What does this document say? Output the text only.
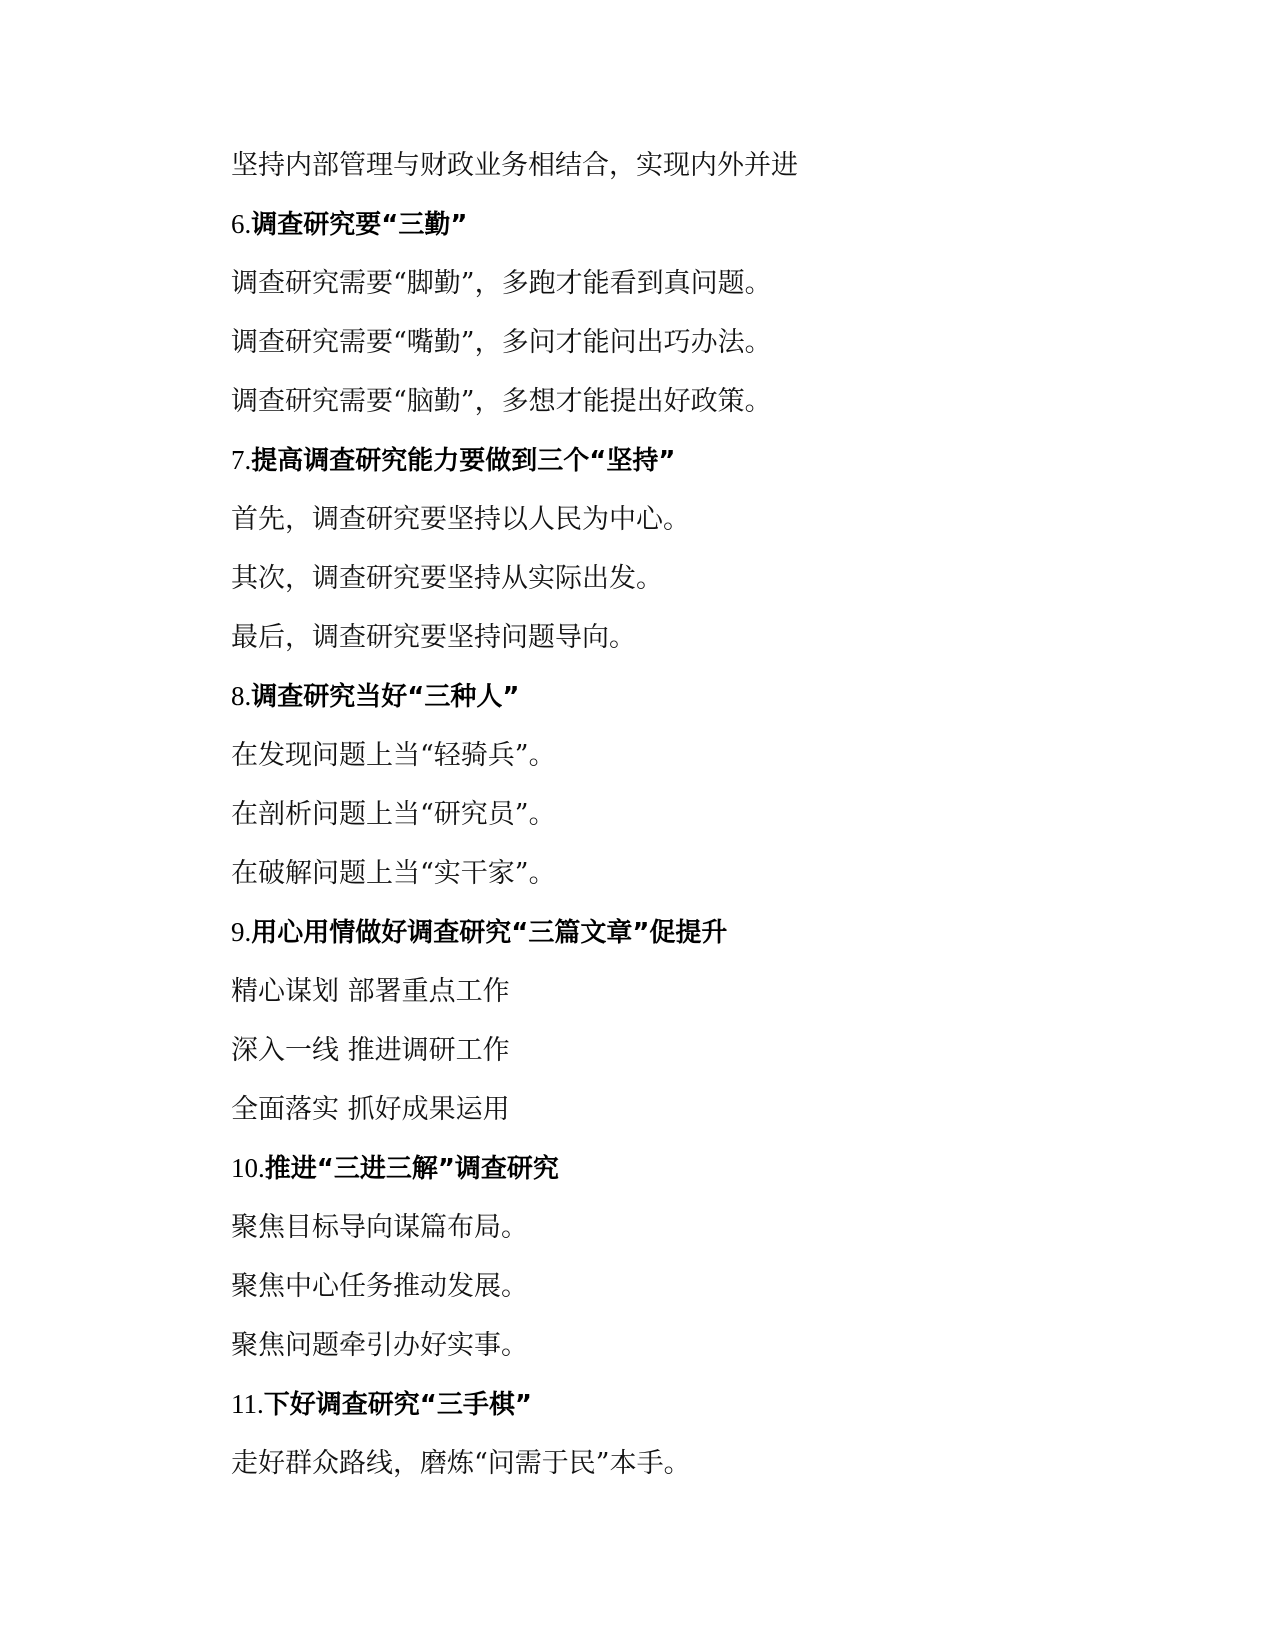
坚持内部管理与财政业务相结合，实现内外并进
6.调查研究要“三勤”
调查研究需要“脚勤”，多跑才能看到真问题。
调查研究需要“嘴勤”，多问才能问出巧办法。
调查研究需要“脑勤”，多想才能提出好政策。
7.提高调查研究能力要做到三个“坚持”
首先，调查研究要坚持以人民为中心。
其次，调查研究要坚持从实际出发。
最后，调查研究要坚持问题导向。
8.调查研究当好“三种人”
在发现问题上当“轻骑兵”。
在剖析问题上当“研究员”。
在破解问题上当“实干家”。
9.用心用情做好调查研究“三篇文章”促提升
精心谋划 部署重点工作
深入一线 推进调研工作
全面落实 抓好成果运用
10.推进“三进三解”调查研究
聚焦目标导向谋篇布局。
聚焦中心任务推动发展。
聚焦问题牵引办好实事。
11.下好调查研究“三手棋”
走好群众路线，磨炼“问需于民”本手。
